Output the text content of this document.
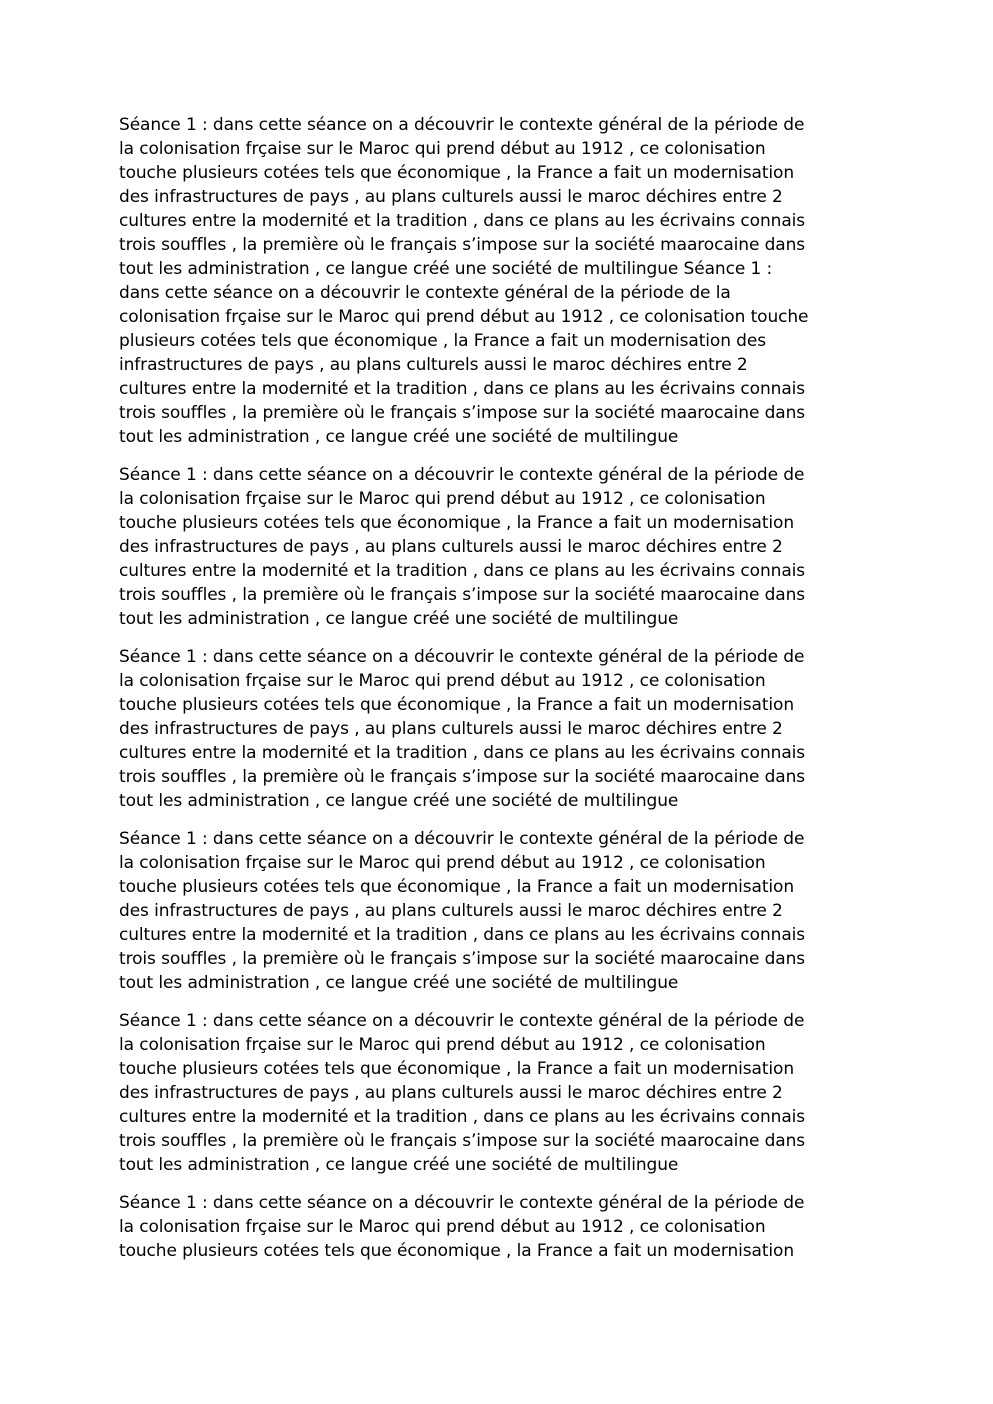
Séance 1 : dans cette séance on a découvrir le contexte général de la période de
la colonisation frçaise sur le Maroc qui prend début au 1912 , ce colonisation
touche plusieurs cotées tels que économique , la France a fait un modernisation
des infrastructures de pays , au plans culturels aussi le maroc déchires entre 2
cultures entre la modernité et la tradition , dans ce plans au les écrivains connais
trois souffles , la première où le français s’impose sur la société maarocaine dans
tout les administration , ce langue créé une société de multilingue Séance 1 :
dans cette séance on a découvrir le contexte général de la période de la
colonisation frçaise sur le Maroc qui prend début au 1912 , ce colonisation touche
plusieurs cotées tels que économique , la France a fait un modernisation des
infrastructures de pays , au plans culturels aussi le maroc déchires entre 2
cultures entre la modernité et la tradition , dans ce plans au les écrivains connais
trois souffles , la première où le français s’impose sur la société maarocaine dans
tout les administration , ce langue créé une société de multilingue

Séance 1 : dans cette séance on a découvrir le contexte général de la période de
la colonisation frçaise sur le Maroc qui prend début au 1912 , ce colonisation
touche plusieurs cotées tels que économique , la France a fait un modernisation
des infrastructures de pays , au plans culturels aussi le maroc déchires entre 2
cultures entre la modernité et la tradition , dans ce plans au les écrivains connais
trois souffles , la première où le français s’impose sur la société maarocaine dans
tout les administration , ce langue créé une société de multilingue

Séance 1 : dans cette séance on a découvrir le contexte général de la période de
la colonisation frçaise sur le Maroc qui prend début au 1912 , ce colonisation
touche plusieurs cotées tels que économique , la France a fait un modernisation
des infrastructures de pays , au plans culturels aussi le maroc déchires entre 2
cultures entre la modernité et la tradition , dans ce plans au les écrivains connais
trois souffles , la première où le français s’impose sur la société maarocaine dans
tout les administration , ce langue créé une société de multilingue

Séance 1 : dans cette séance on a découvrir le contexte général de la période de
la colonisation frçaise sur le Maroc qui prend début au 1912 , ce colonisation
touche plusieurs cotées tels que économique , la France a fait un modernisation
des infrastructures de pays , au plans culturels aussi le maroc déchires entre 2
cultures entre la modernité et la tradition , dans ce plans au les écrivains connais
trois souffles , la première où le français s’impose sur la société maarocaine dans
tout les administration , ce langue créé une société de multilingue

Séance 1 : dans cette séance on a découvrir le contexte général de la période de
la colonisation frçaise sur le Maroc qui prend début au 1912 , ce colonisation
touche plusieurs cotées tels que économique , la France a fait un modernisation
des infrastructures de pays , au plans culturels aussi le maroc déchires entre 2
cultures entre la modernité et la tradition , dans ce plans au les écrivains connais
trois souffles , la première où le français s’impose sur la société maarocaine dans
tout les administration , ce langue créé une société de multilingue

Séance 1 : dans cette séance on a découvrir le contexte général de la période de
la colonisation frçaise sur le Maroc qui prend début au 1912 , ce colonisation
touche plusieurs cotées tels que économique , la France a fait un modernisation
